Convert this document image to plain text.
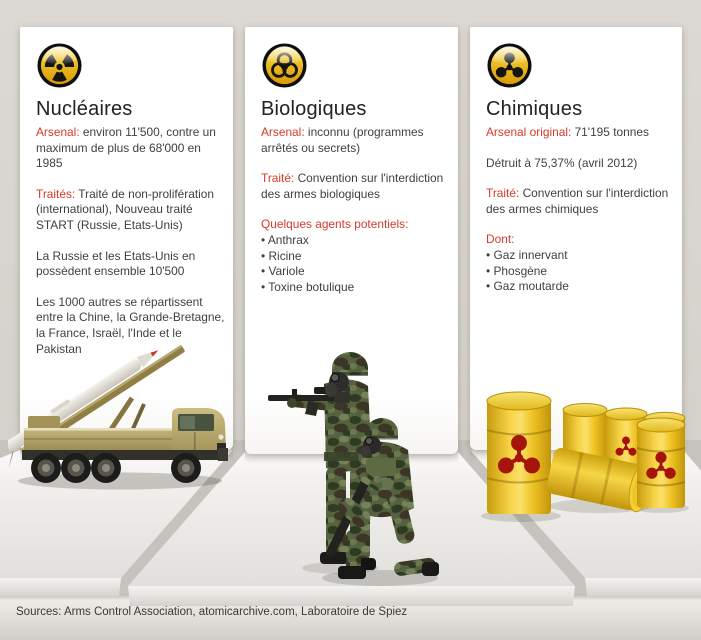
Nucléaires

Arsenal: environ 11'500, contre un maximum de plus de 68'000 en 1985

Traités: Traité de non-prolifération (international), Nouveau traité START (Russie, Etats-Unis)

La Russie et les Etats-Unis en possèdent ensemble 10'500

Les 1000 autres se répartissent entre la Chine, la Grande-Bretagne, la France, Israël, l'Inde et le Pakistan

Biologiques

Arsenal: inconnu (programmes arrêtés ou secrets)

Traité: Convention sur l'interdiction des armes biologiques

Quelques agents potentiels:
• Anthrax
• Ricine
• Variole
• Toxine botulique
Chimiques

Arsenal original: 71'195 tonnes

Détruit à 75,37% (avril 2012)

Traité: Convention sur l'interdiction des armes chimiques

Dont:
• Gaz innervant
• Phosgène
• Gaz moutarde
Sources: Arms Control Association, atomicarchive.com, Laboratoire de Spiez
